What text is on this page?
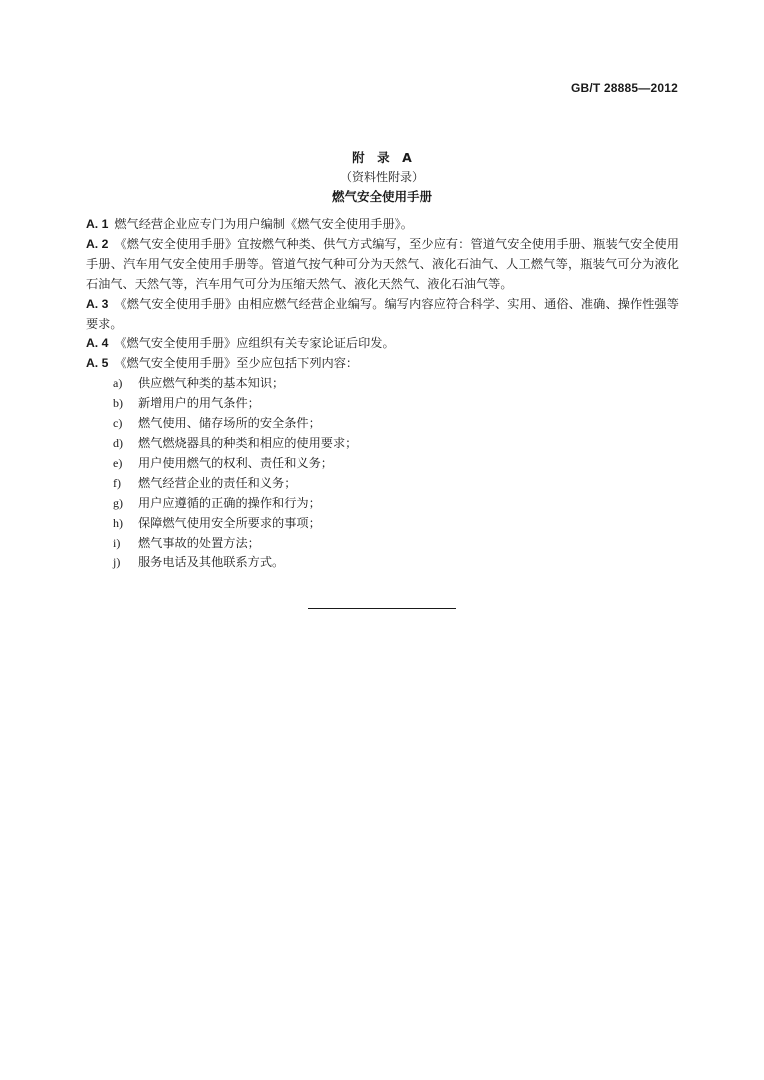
GB/T 28885—2012
附　录　A
（资料性附录）
燃气安全使用手册

A. 1 燃气经营企业应专门为用户编制《燃气安全使用手册》。

A. 2 《燃气安全使用手册》宜按燃气种类、供气方式编写，至少应有：管道气安全使用手册、瓶装气安全使用手册、汽车用气安全使用手册等。管道气按气种可分为天然气、液化石油气、人工燃气等，瓶装气可分为液化石油气、天然气等，汽车用气可分为压缩天然气、液化天然气、液化石油气等。

A. 3 《燃气安全使用手册》由相应燃气经营企业编写。编写内容应符合科学、实用、通俗、准确、操作性强等要求。

A. 4 《燃气安全使用手册》应组织有关专家论证后印发。

A. 5 《燃气安全使用手册》至少应包括下列内容：

a) 供应燃气种类的基本知识；
b) 新增用户的用气条件；
c) 燃气使用、储存场所的安全条件；
d) 燃气燃烧器具的种类和相应的使用要求；
e) 用户使用燃气的权利、责任和义务；
f) 燃气经营企业的责任和义务；
g) 用户应遵循的正确的操作和行为；
h) 保障燃气使用安全所要求的事项；
i) 燃气事故的处置方法；
j) 服务电话及其他联系方式。
